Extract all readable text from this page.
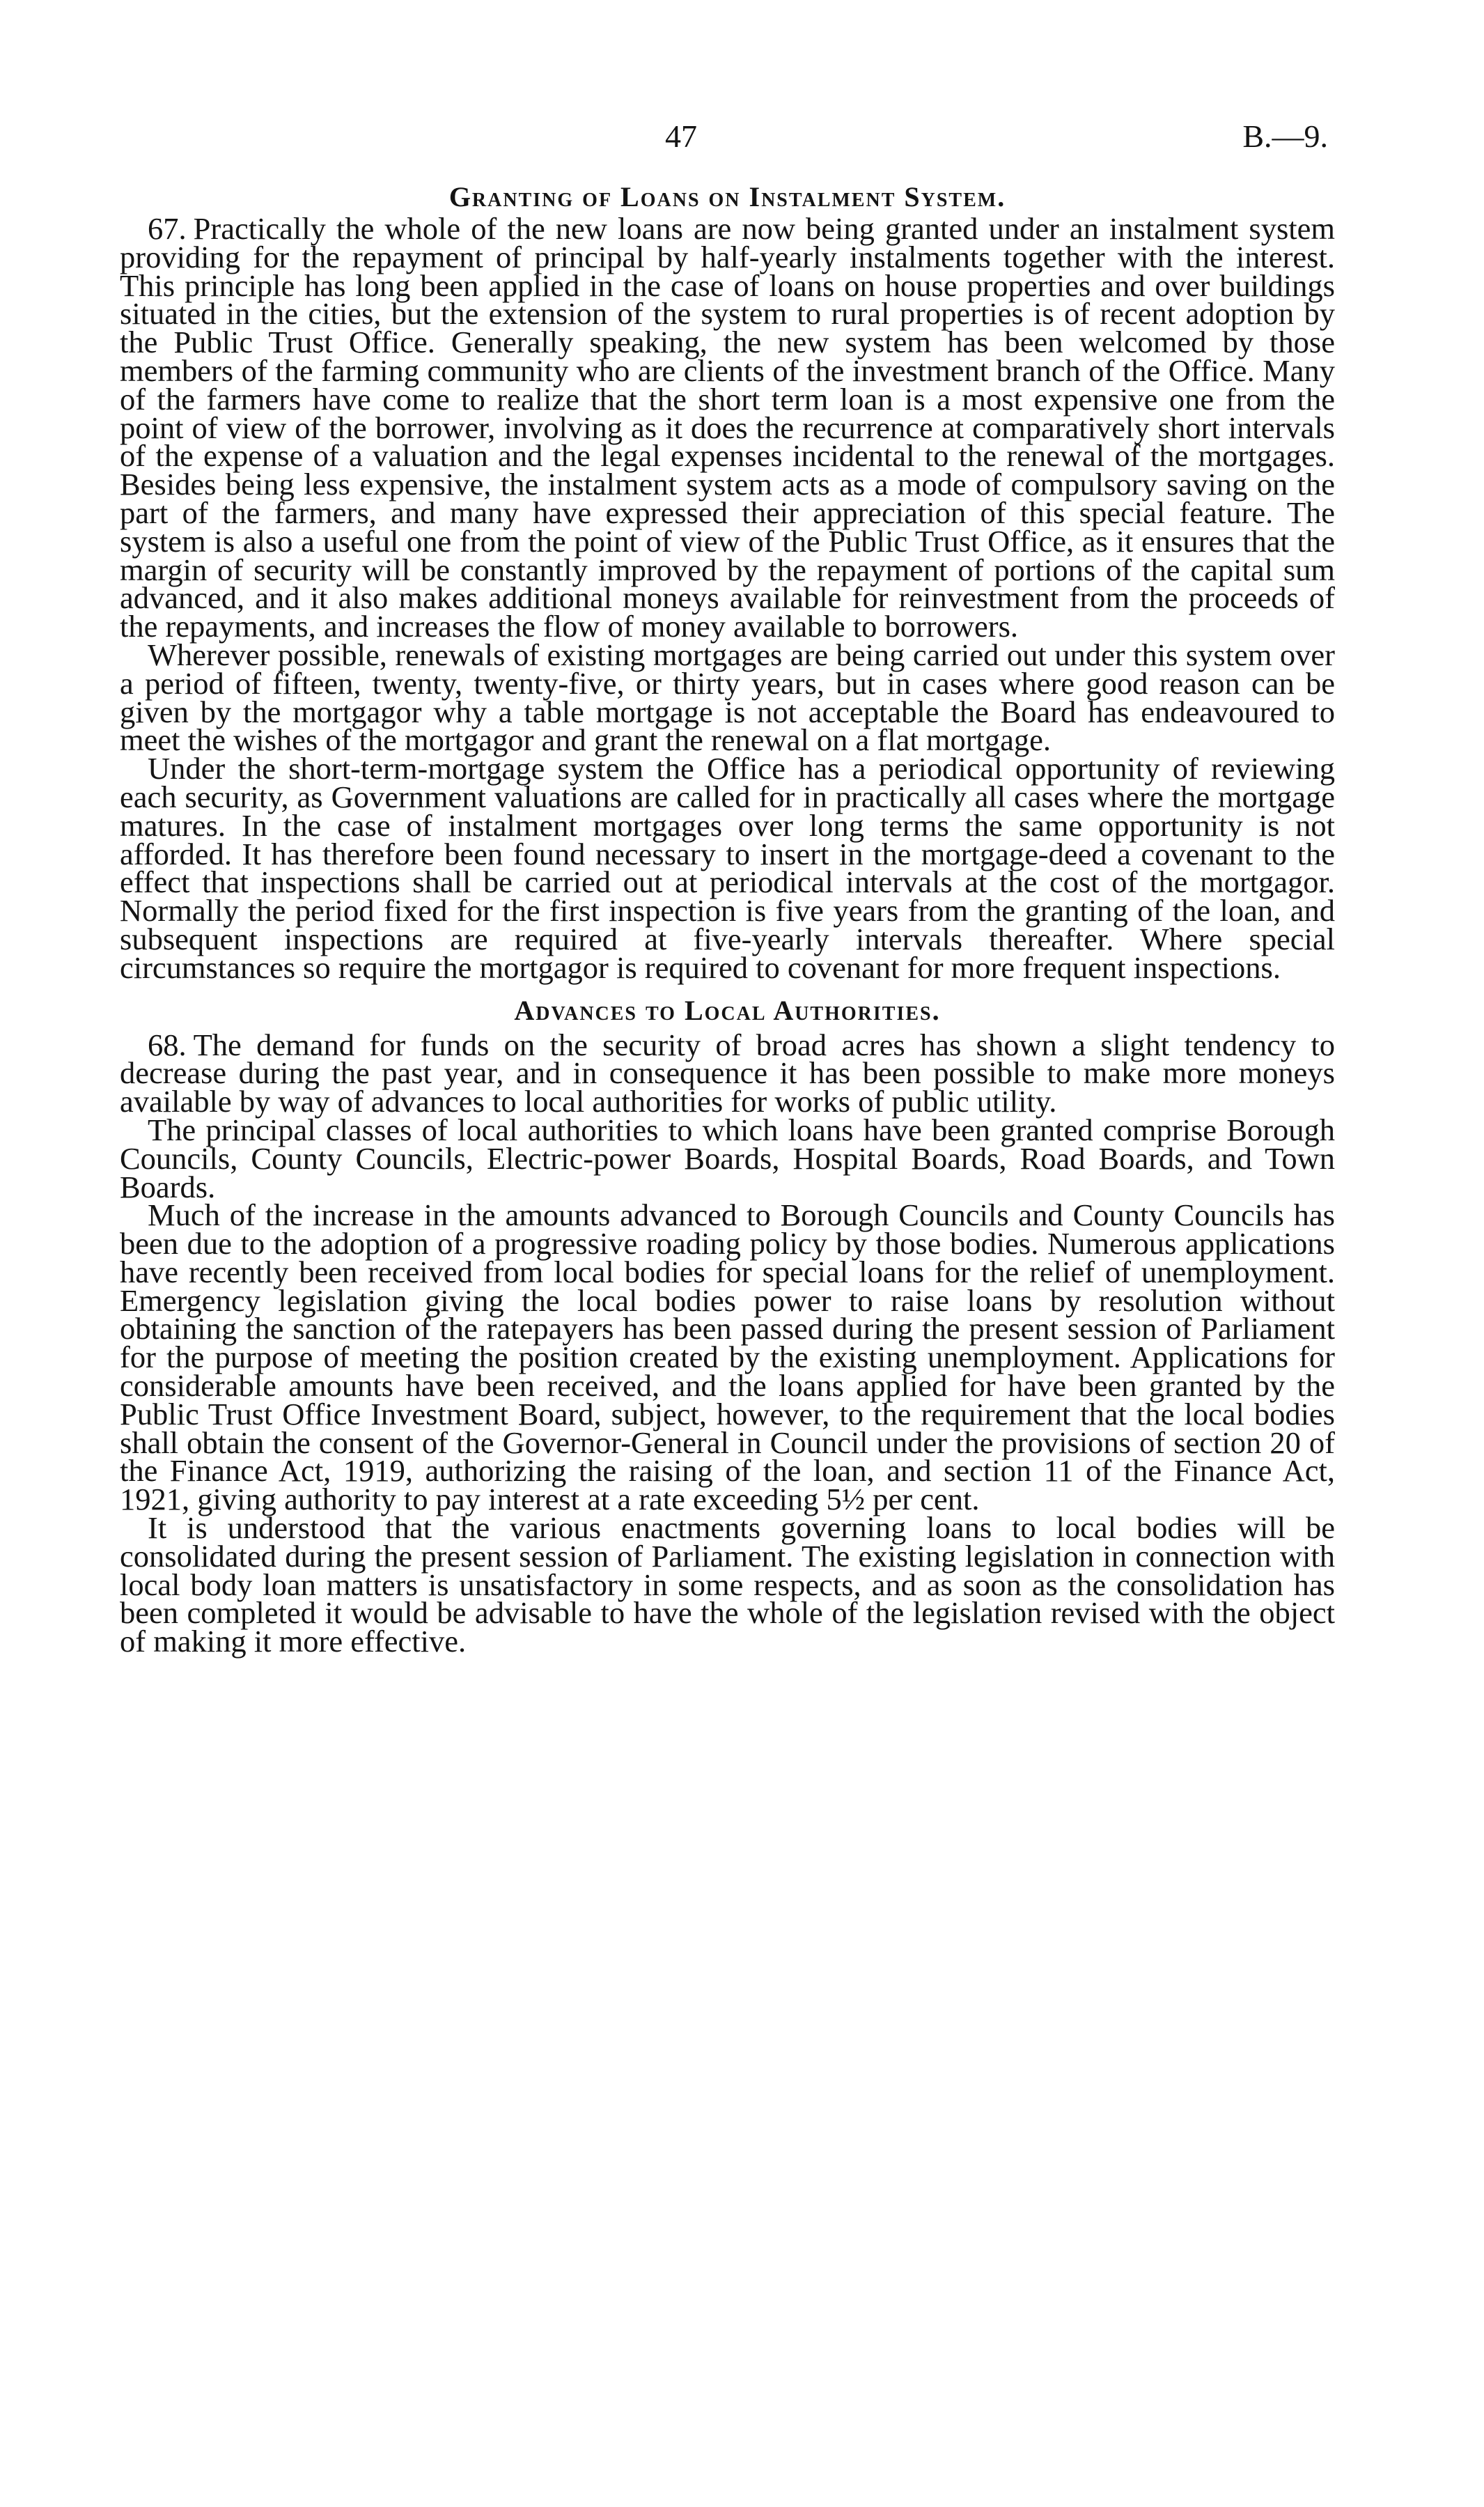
47	B.—9.
Granting of Loans on Instalment System.

67. Practically the whole of the new loans are now being granted under an instalment system providing for the repayment of principal by half-yearly instalments together with the interest. This principle has long been applied in the case of loans on house properties and over buildings situated in the cities, but the extension of the system to rural properties is of recent adoption by the Public Trust Office. Generally speaking, the new system has been welcomed by those members of the farming community who are clients of the investment branch of the Office. Many of the farmers have come to realize that the short term loan is a most expensive one from the point of view of the borrower, involving as it does the recurrence at comparatively short intervals of the expense of a valuation and the legal expenses incidental to the renewal of the mortgages. Besides being less expensive, the instalment system acts as a mode of compulsory saving on the part of the farmers, and many have expressed their appreciation of this special feature. The system is also a useful one from the point of view of the Public Trust Office, as it ensures that the margin of security will be constantly improved by the repayment of portions of the capital sum advanced, and it also makes additional moneys available for reinvestment from the proceeds of the repayments, and increases the flow of money available to borrowers.

Wherever possible, renewals of existing mortgages are being carried out under this system over a period of fifteen, twenty, twenty-five, or thirty years, but in cases where good reason can be given by the mortgagor why a table mortgage is not acceptable the Board has endeavoured to meet the wishes of the mortgagor and grant the renewal on a flat mortgage.

Under the short-term-mortgage system the Office has a periodical opportunity of reviewing each security, as Government valuations are called for in practically all cases where the mortgage matures. In the case of instalment mortgages over long terms the same opportunity is not afforded. It has therefore been found necessary to insert in the mortgage-deed a covenant to the effect that inspections shall be carried out at periodical intervals at the cost of the mortgagor. Normally the period fixed for the first inspection is five years from the granting of the loan, and subsequent inspections are required at five-yearly intervals thereafter. Where special circumstances so require the mortgagor is required to covenant for more frequent inspections.

Advances to Local Authorities.

68. The demand for funds on the security of broad acres has shown a slight tendency to decrease during the past year, and in consequence it has been possible to make more moneys available by way of advances to local authorities for works of public utility.

The principal classes of local authorities to which loans have been granted comprise Borough Councils, County Councils, Electric-power Boards, Hospital Boards, Road Boards, and Town Boards.

Much of the increase in the amounts advanced to Borough Councils and County Councils has been due to the adoption of a progressive roading policy by those bodies. Numerous applications have recently been received from local bodies for special loans for the relief of unemployment. Emergency legislation giving the local bodies power to raise loans by resolution without obtaining the sanction of the ratepayers has been passed during the present session of Parliament for the purpose of meeting the position created by the existing unemployment. Applications for considerable amounts have been received, and the loans applied for have been granted by the Public Trust Office Investment Board, subject, however, to the requirement that the local bodies shall obtain the consent of the Governor-General in Council under the provisions of section 20 of the Finance Act, 1919, authorizing the raising of the loan, and section 11 of the Finance Act, 1921, giving authority to pay interest at a rate exceeding 5½ per cent.

It is understood that the various enactments governing loans to local bodies will be consolidated during the present session of Parliament. The existing legislation in connection with local body loan matters is unsatisfactory in some respects, and as soon as the consolidation has been completed it would be advisable to have the whole of the legislation revised with the object of making it more effective.
